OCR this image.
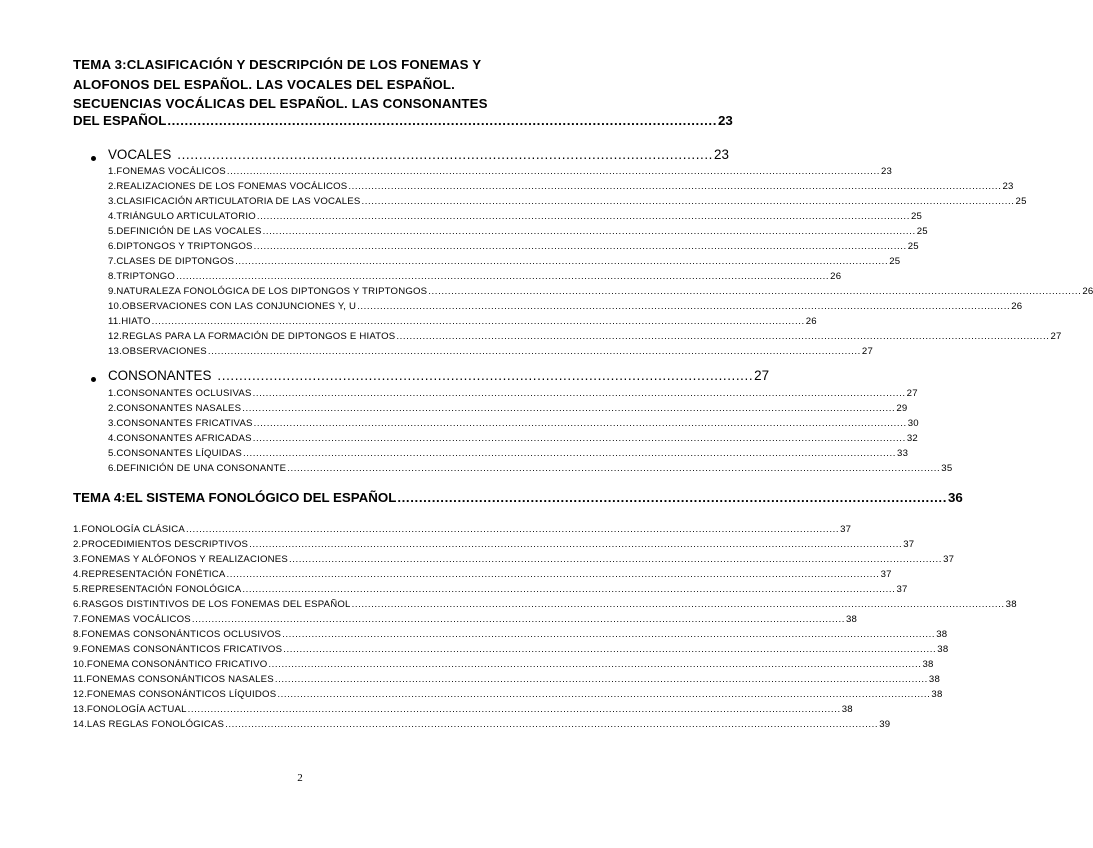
TEMA 3:CLASIFICACIÓN Y DESCRIPCIÓN DE LOS FONEMAS Y
ALOFONOS DEL ESPAÑOL. LAS VOCALES DEL ESPAÑOL.
SECUENCIAS VOCÁLICAS DEL ESPAÑOL. LAS CONSONANTES
DEL ESPAÑOL ................................................................................................................................ 23
VOCALES ............................................................................................................................ 23
1.FONEMAS VOCÁLICOS ........................................................................................................................................................................................................ 23
2.REALIZACIONES DE LOS FONEMAS VOCÁLICOS ........................................................................................................................................................................................................ 23
3.CLASIFICACIÓN ARTICULATORIA DE LAS VOCALES ........................................................................................................................................................................................................ 25
4.TRIÁNGULO ARTICULATORIO ........................................................................................................................................................................................................ 25
5.DEFINICIÓN DE LAS VOCALES ........................................................................................................................................................................................................ 25
6.DIPTONGOS Y TRIPTONGOS ........................................................................................................................................................................................................ 25
7.CLASES DE DIPTONGOS ........................................................................................................................................................................................................ 25
8.TRIPTONGO ........................................................................................................................................................................................................ 26
9.NATURALEZA FONOLÓGICA DE LOS DIPTONGOS Y TRIPTONGOS ........................................................................................................................................................................................................ 26
10.OBSERVACIONES CON LAS CONJUNCIONES Y, U ........................................................................................................................................................................................................ 26
11.HIATO ........................................................................................................................................................................................................ 26
12.REGLAS PARA LA FORMACIÓN DE DIPTONGOS E HIATOS ........................................................................................................................................................................................................ 27
13.OBSERVACIONES ........................................................................................................................................................................................................ 27
CONSONANTES ............................................................................................................................ 27
1.CONSONANTES OCLUSIVAS ........................................................................................................................................................................................................ 27
2.CONSONANTES NASALES ........................................................................................................................................................................................................ 29
3.CONSONANTES FRICATIVAS ........................................................................................................................................................................................................ 30
4.CONSONANTES AFRICADAS ........................................................................................................................................................................................................ 32
5.CONSONANTES LÍQUIDAS ........................................................................................................................................................................................................ 33
6.DEFINICIÓN DE UNA CONSONANTE ........................................................................................................................................................................................................ 35
TEMA 4:EL SISTEMA FONOLÓGICO DEL ESPAÑOL ................................................................................................................................ 36
1.FONOLOGÍA CLÁSICA ........................................................................................................................................................................................................ 37
2.PROCEDIMIENTOS DESCRIPTIVOS ........................................................................................................................................................................................................ 37
3.FONEMAS Y ALÓFONOS Y REALIZACIONES ........................................................................................................................................................................................................ 37
4.REPRESENTACIÓN FONÉTICA ........................................................................................................................................................................................................ 37
5.REPRESENTACIÓN FONOLÓGICA ........................................................................................................................................................................................................ 37
6.RASGOS DISTINTIVOS DE LOS FONEMAS DEL ESPAÑOL ........................................................................................................................................................................................................ 38
7.FONEMAS VOCÁLICOS ........................................................................................................................................................................................................ 38
8.FONEMAS CONSONÁNTICOS OCLUSIVOS ........................................................................................................................................................................................................ 38
9.FONEMAS CONSONÁNTICOS FRICATIVOS ........................................................................................................................................................................................................ 38
10.FONEMA CONSONÁNTICO FRICATIVO ........................................................................................................................................................................................................ 38
11.FONEMAS CONSONÁNTICOS NASALES ........................................................................................................................................................................................................ 38
12.FONEMAS CONSONÁNTICOS LÍQUIDOS ........................................................................................................................................................................................................ 38
13.FONOLOGÍA ACTUAL ........................................................................................................................................................................................................ 38
14.LAS REGLAS FONOLÓGICAS ........................................................................................................................................................................................................ 39
2
